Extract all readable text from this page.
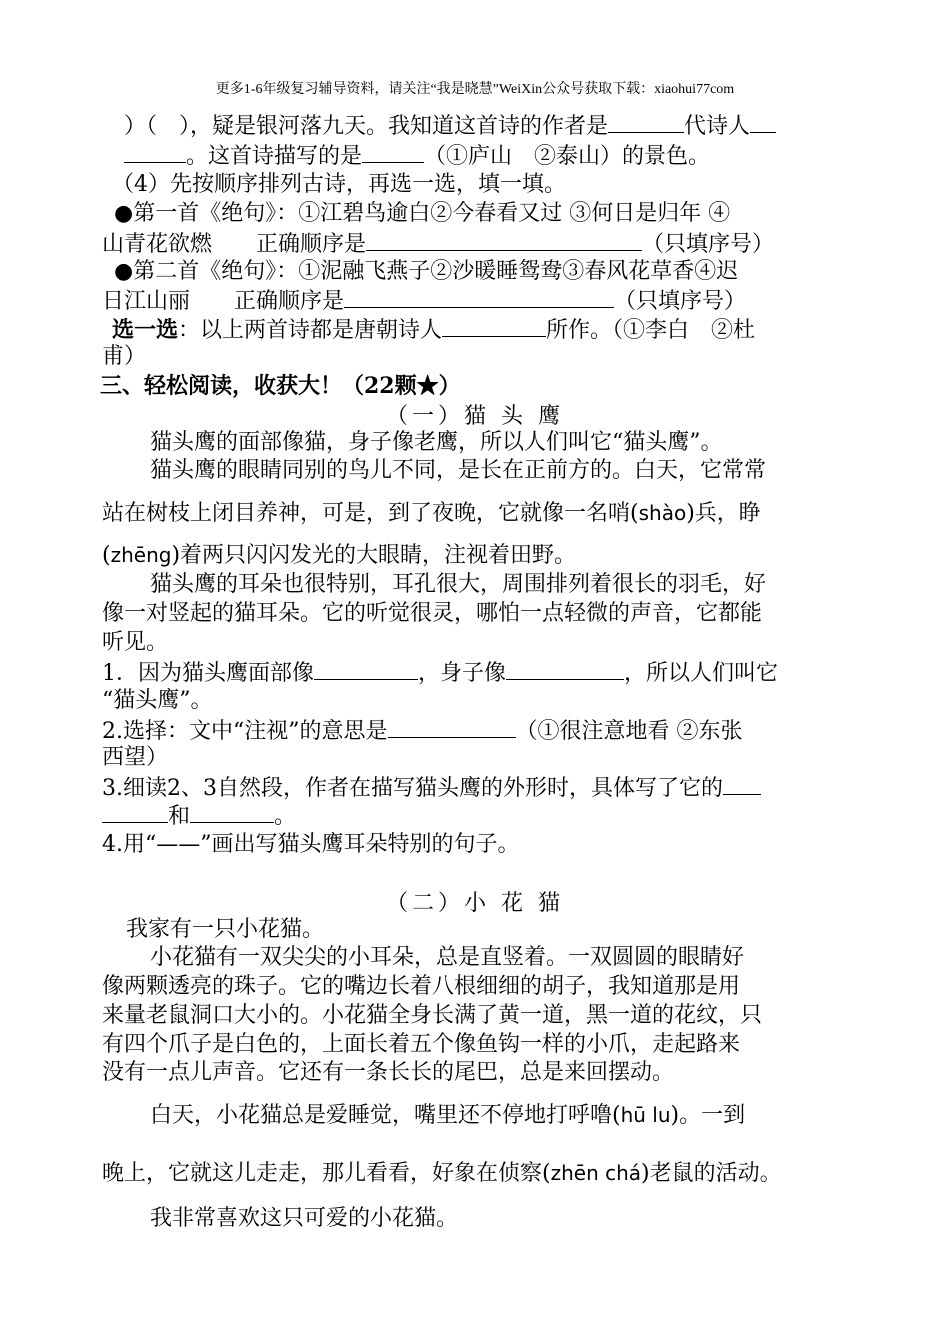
更多1-6年级复习辅导资料，请关注“我是晓慧”WeiXin公众号获取下载：xiaohui77com
）（　），疑是银河落九天。我知道这首诗的作者是	代诗人
。这首诗描写的是	（①庐山　②泰山）的景色。
（4）先按顺序排列古诗，再选一选，填一填。
●第一首《绝句》：①江碧鸟逾白②今春看又过 ③何日是归年 ④
山青花欲燃　　正确顺序是	（只填序号）
●第二首《绝句》：①泥融飞燕子②沙暖睡鸳鸯③春风花草香④迟
日江山丽　　正确顺序是	（只填序号）
选一选：以上两首诗都是唐朝诗人	所作。（①李白　②杜
甫）
三、轻松阅读，收获大！（22颗★）
（一）猫 头 鹰
猫头鹰的面部像猫，身子像老鹰，所以人们叫它“猫头鹰”。
猫头鹰的眼睛同别的鸟儿不同，是长在正前方的。白天，它常常
站在树枝上闭目养神，可是，到了夜晚，它就像一名哨(shào)兵，睁
(zhēng)着两只闪闪发光的大眼睛，注视着田野。
猫头鹰的耳朵也很特别，耳孔很大，周围排列着很长的羽毛，好
像一对竖起的猫耳朵。它的听觉很灵，哪怕一点轻微的声音，它都能
听见。
1．因为猫头鹰面部像	，身子像	，所以人们叫它
“猫头鹰”。
2.选择：文中“注视”的意思是	（①很注意地看 ②东张
西望）
3.细读2、3自然段，作者在描写猫头鹰的外形时，具体写了它的
和	。
4.用“——”画出写猫头鹰耳朵特别的句子。
（二）小 花 猫
我家有一只小花猫。
小花猫有一双尖尖的小耳朵，总是直竖着。一双圆圆的眼睛好
像两颗透亮的珠子。它的嘴边长着八根细细的胡子，我知道那是用
来量老鼠洞口大小的。小花猫全身长满了黄一道，黑一道的花纹，只
有四个爪子是白色的，上面长着五个像鱼钩一样的小爪，走起路来
没有一点儿声音。它还有一条长长的尾巴，总是来回摆动。
白天，小花猫总是爱睡觉，嘴里还不停地打呼噜(hū lu)。一到
晚上，它就这儿走走，那儿看看，好象在侦察(zhēn chá)老鼠的活动。
我非常喜欢这只可爱的小花猫。
